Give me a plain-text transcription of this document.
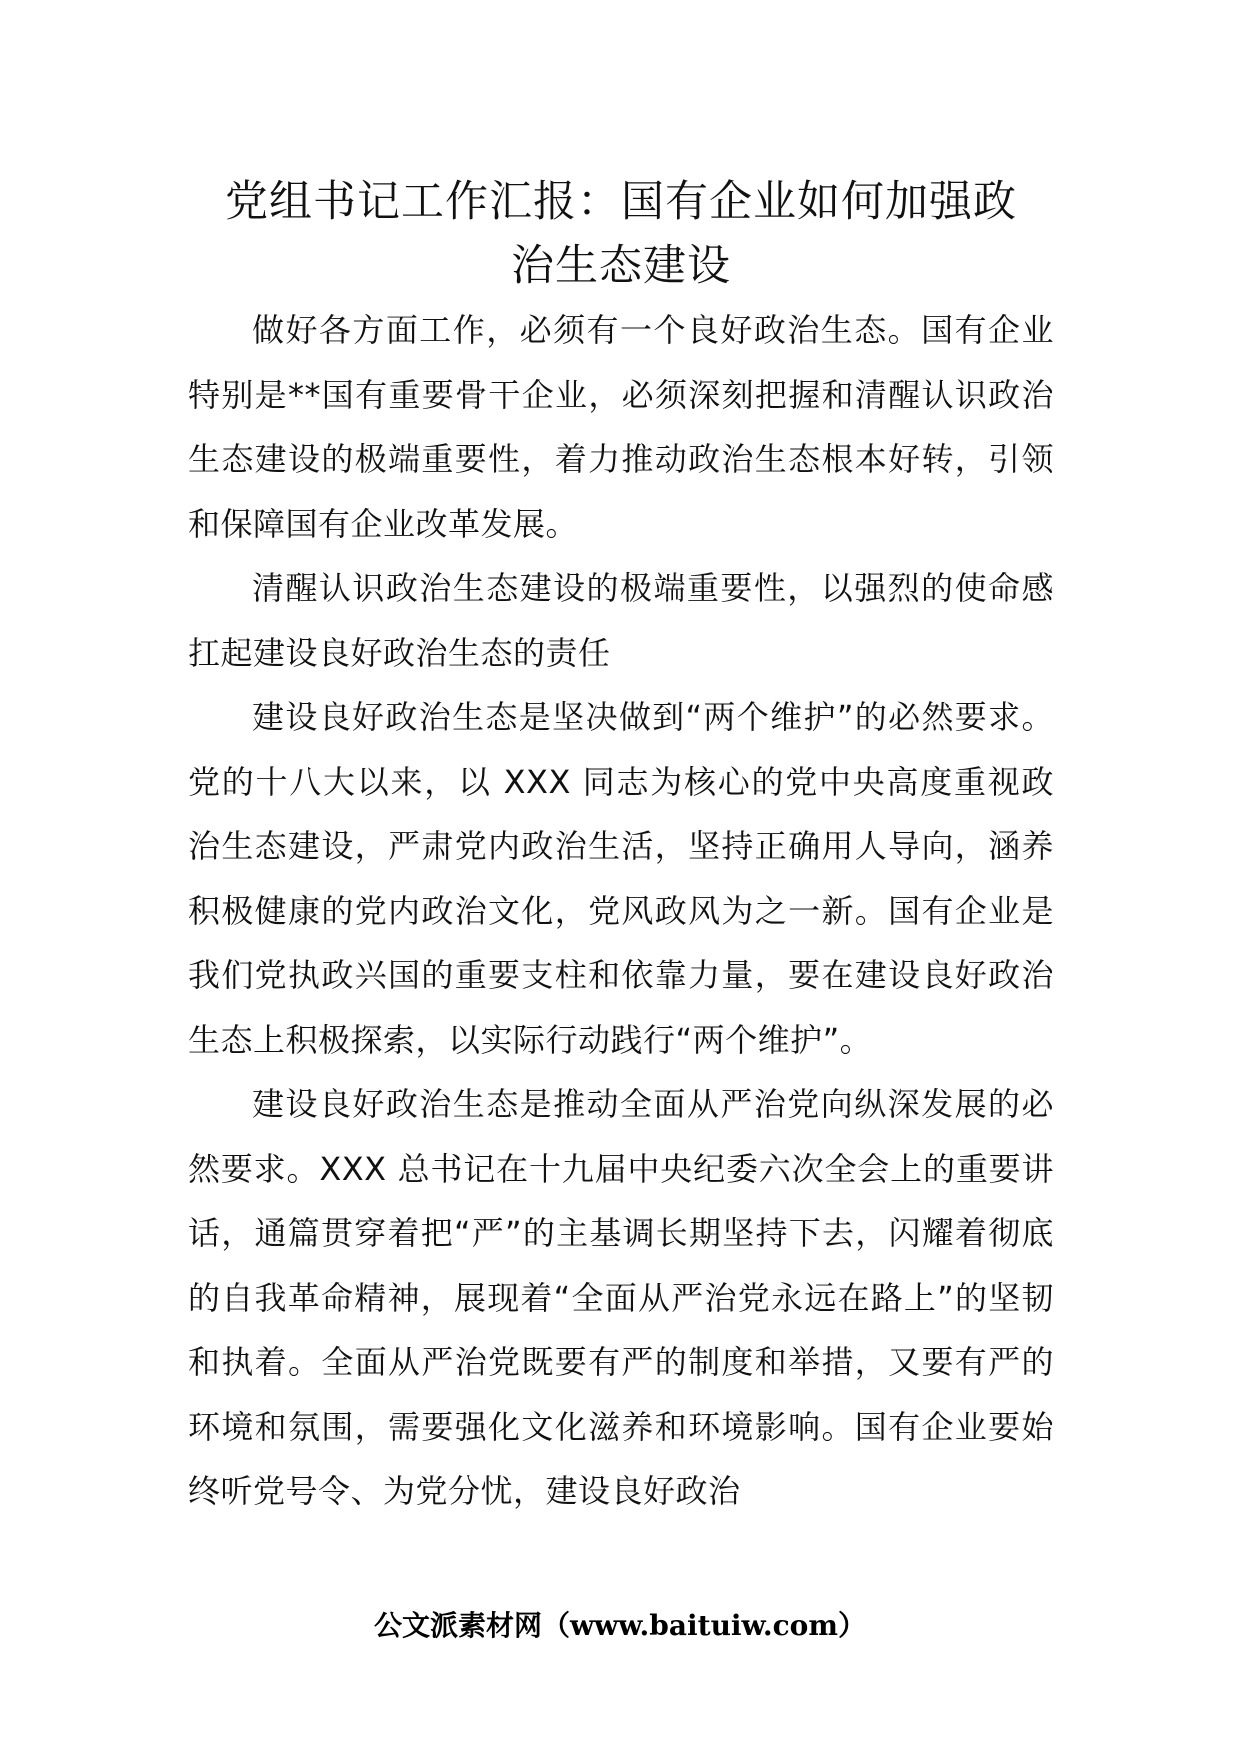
党组书记工作汇报：国有企业如何加强政
治生态建设

做好各方面工作，必须有一个良好政治生态。国有企业特别是**国有重要骨干企业，必须深刻把握和清醒认识政治生态建设的极端重要性，着力推动政治生态根本好转，引领和保障国有企业改革发展。

清醒认识政治生态建设的极端重要性，以强烈的使命感扛起建设良好政治生态的责任

建设良好政治生态是坚决做到“两个维护”的必然要求。党的十八大以来，以 XXX 同志为核心的党中央高度重视政治生态建设，严肃党内政治生活，坚持正确用人导向，涵养积极健康的党内政治文化，党风政风为之一新。国有企业是我们党执政兴国的重要支柱和依靠力量，要在建设良好政治生态上积极探索，以实际行动践行“两个维护”。

建设良好政治生态是推动全面从严治党向纵深发展的必然要求。XXX 总书记在十九届中央纪委六次全会上的重要讲话，通篇贯穿着把“严”的主基调长期坚持下去，闪耀着彻底的自我革命精神，展现着“全面从严治党永远在路上”的坚韧和执着。全面从严治党既要有严的制度和举措，又要有严的环境和氛围，需要强化文化滋养和环境影响。国有企业要始终听党号令、为党分忧，建设良好政治

公文派素材网（www.baituiw.com）
